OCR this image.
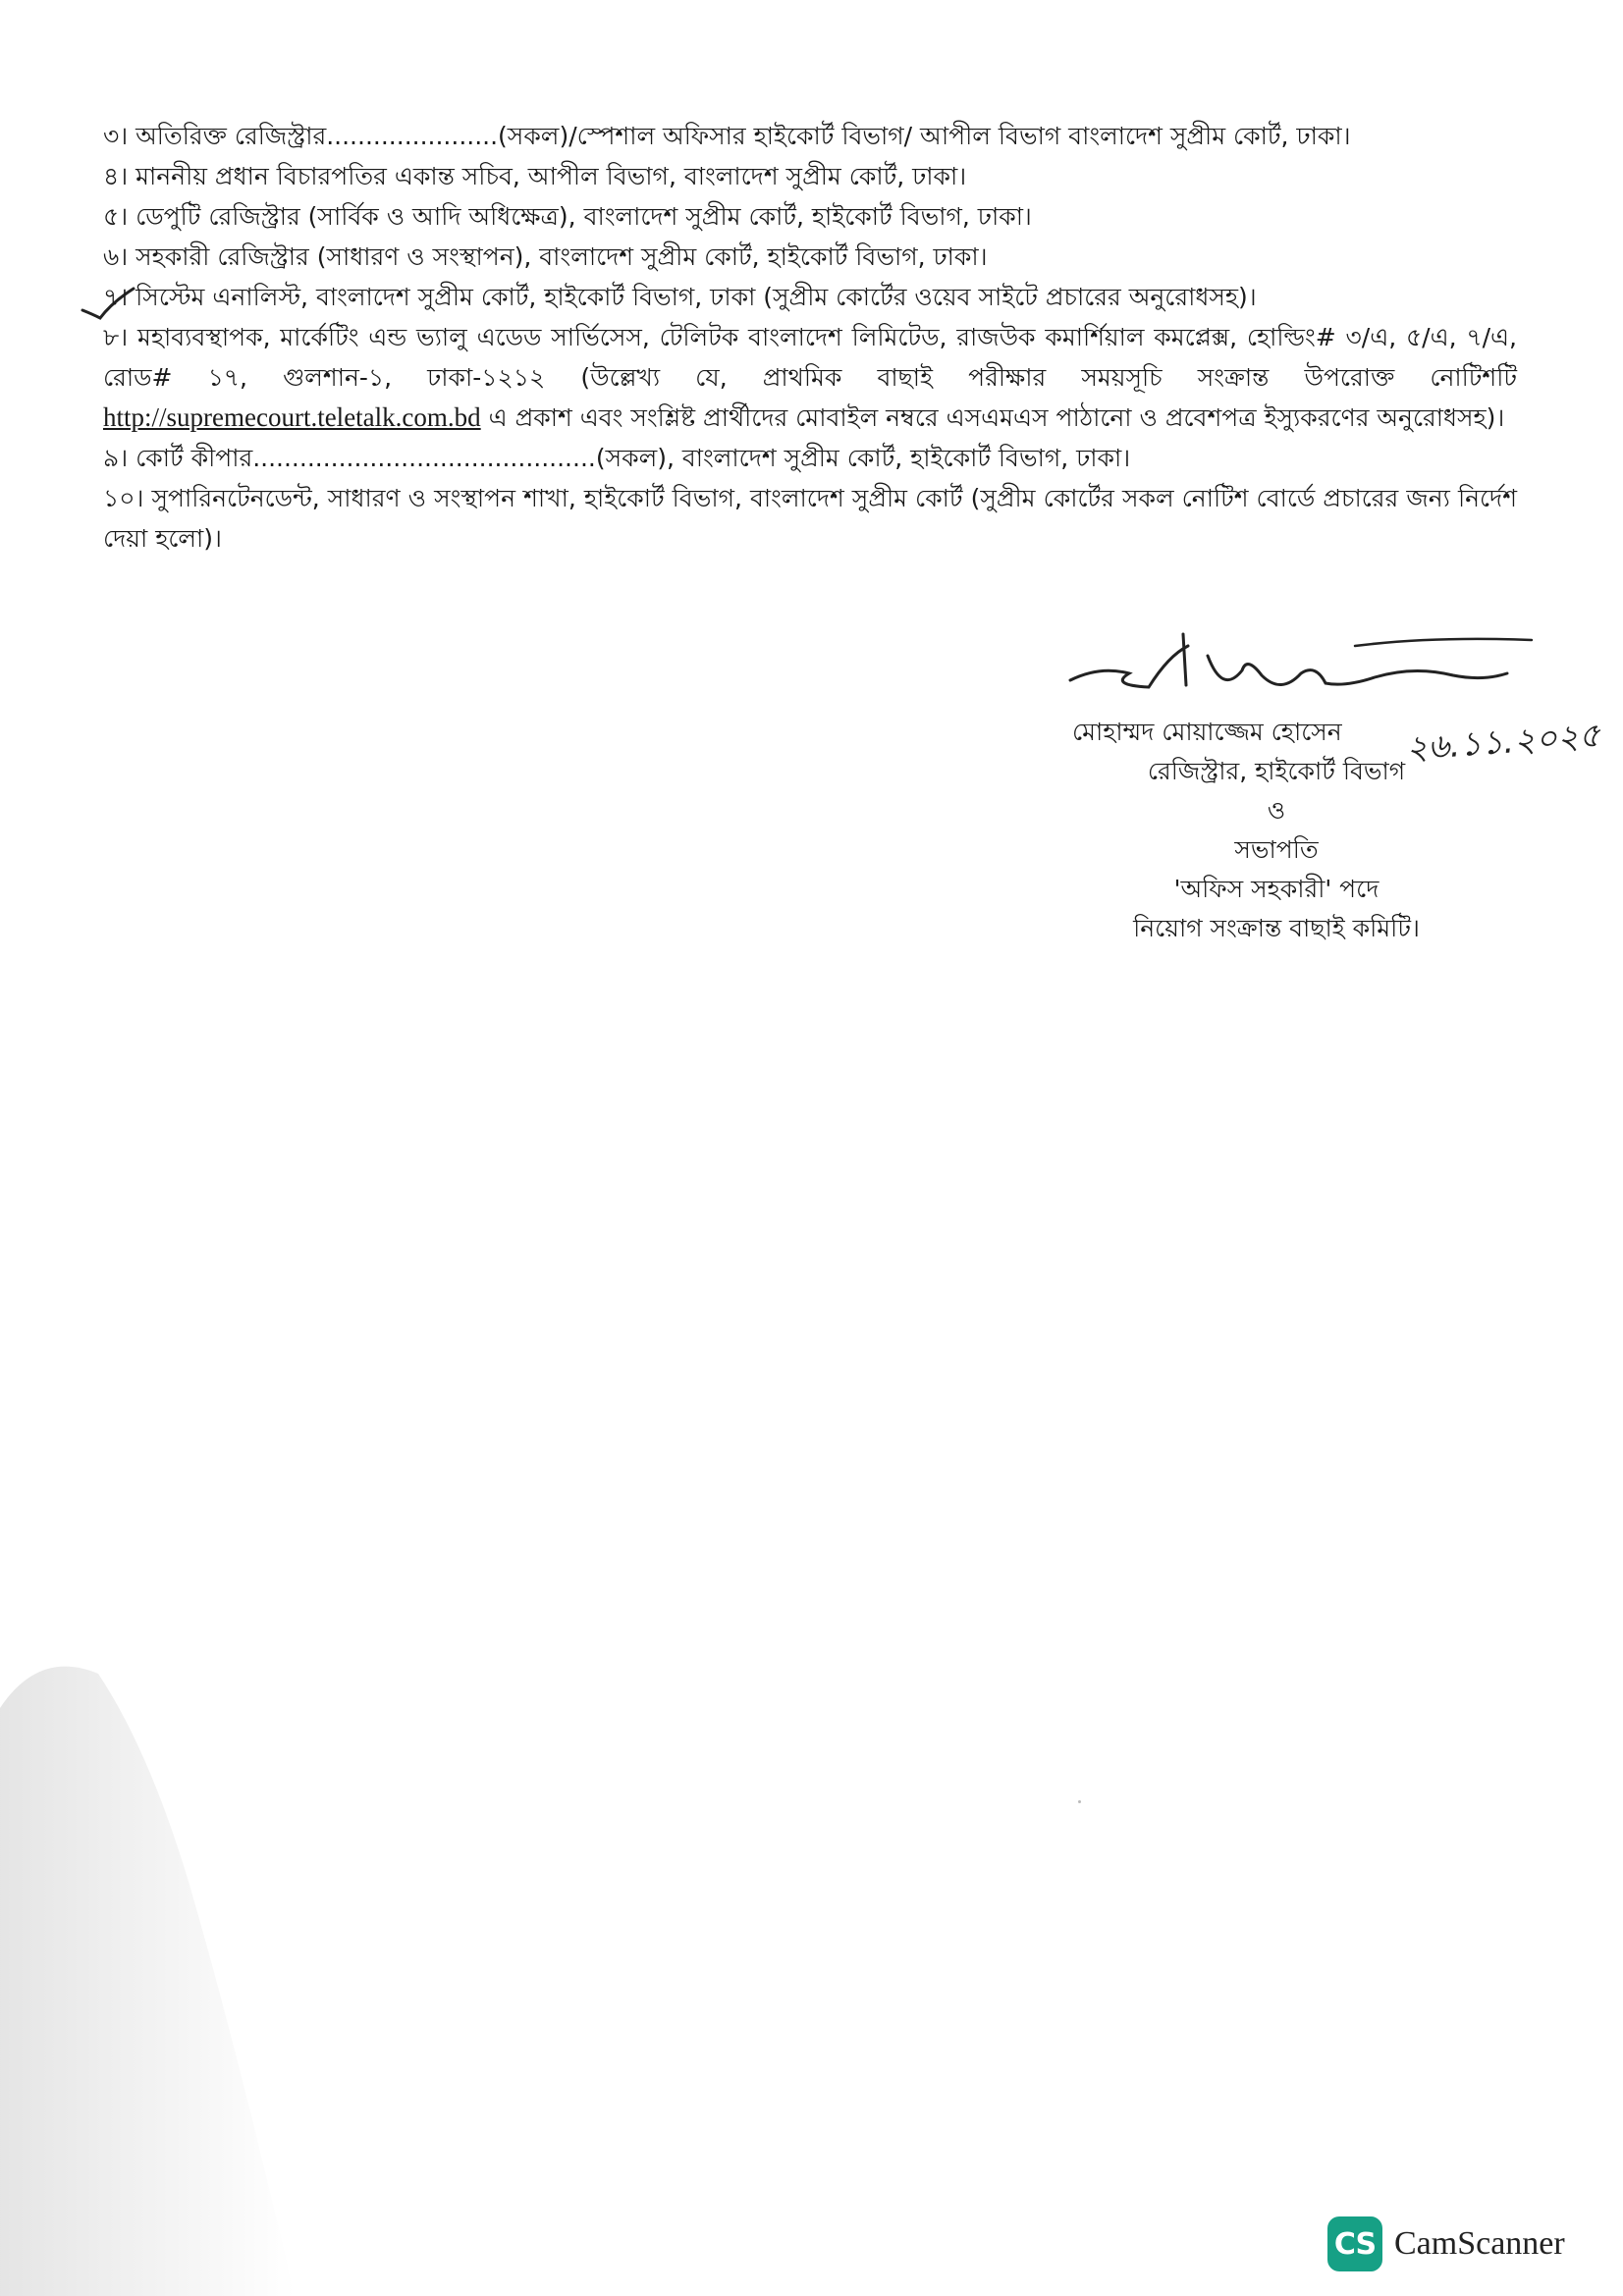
৩। অতিরিক্ত রেজিস্ট্রার......................(সকল)/স্পেশাল অফিসার হাইকোর্ট বিভাগ/ আপীল বিভাগ বাংলাদেশ সুপ্রীম কোর্ট, ঢাকা।

৪। মাননীয় প্রধান বিচারপতির একান্ত সচিব, আপীল বিভাগ, বাংলাদেশ সুপ্রীম কোর্ট, ঢাকা।

৫। ডেপুটি রেজিস্ট্রার (সার্বিক ও আদি অধিক্ষেত্র), বাংলাদেশ সুপ্রীম কোর্ট, হাইকোর্ট বিভাগ, ঢাকা।

৬। সহকারী রেজিস্ট্রার (সাধারণ ও সংস্থাপন), বাংলাদেশ সুপ্রীম কোর্ট, হাইকোর্ট বিভাগ, ঢাকা।

৭। সিস্টেম এনালিস্ট, বাংলাদেশ সুপ্রীম কোর্ট, হাইকোর্ট বিভাগ, ঢাকা (সুপ্রীম কোর্টের ওয়েব সাইটে প্রচারের অনুরোধসহ)।

৮। মহাব্যবস্থাপক, মার্কেটিং এন্ড ভ্যালু এডেড সার্ভিসেস, টেলিটক বাংলাদেশ লিমিটেড, রাজউক কমার্শিয়াল কমপ্লেক্স, হোল্ডিং# ৩/এ, ৫/এ, ৭/এ, রোড# ১৭, গুলশান-১, ঢাকা-১২১২ (উল্লেখ্য যে, প্রাথমিক বাছাই পরীক্ষার সময়সূচি সংক্রান্ত উপরোক্ত নোটিশটি http://supremecourt.teletalk.com.bd এ প্রকাশ এবং সংশ্লিষ্ট প্রার্থীদের মোবাইল নম্বরে এসএমএস পাঠানো ও প্রবেশপত্র ইস্যুকরণের অনুরোধসহ)।

৯। কোর্ট কীপার............................................(সকল), বাংলাদেশ সুপ্রীম কোর্ট, হাইকোর্ট বিভাগ, ঢাকা।

১০। সুপারিনটেনডেন্ট, সাধারণ ও সংস্থাপন শাখা, হাইকোর্ট বিভাগ, বাংলাদেশ সুপ্রীম কোর্ট (সুপ্রীম কোর্টের সকল নোটিশ বোর্ডে প্রচারের জন্য নির্দেশ দেয়া হলো)।

২৬.১১.২০২৫
মোহাম্মদ মোয়াজ্জেম হোসেন
রেজিস্ট্রার, হাইকোর্ট বিভাগ
ও
সভাপতি
'অফিস সহকারী' পদে
নিয়োগ সংক্রান্ত বাছাই কমিটি।
CS CamScanner
